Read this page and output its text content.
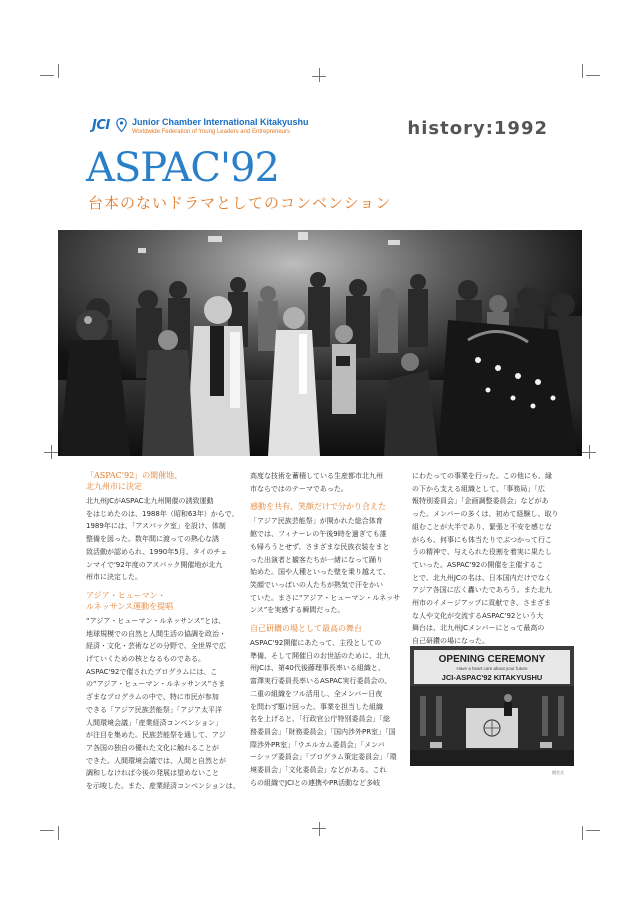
JCI Junior Chamber International Kitakyushu
Worldwide Federation of Young Leaders and Entrepreneurs	history:1992
ASPAC'92
台本のないドラマとしてのコンベンション
「ASPAC'92」の開催地、
北九州市に決定

北九州JCがASPAC北九州開催の誘致運動
をはじめたのは、1988年（昭和63年）からで、
1989年には、「アスパック室」を設け、体制
整備を図った。数年間に渡っての熱心な誘
致活動が認められ、1990年5月、タイのチェ
ンマイで'92年度のアスパック開催地が北九
州市に決定した。

アジア・ヒューマン・
ルネッサンス運動を提唱

“アジア・ヒューマン・ルネッサンス”とは、
地球規模での自然と人間生活の協調を政治・
経済・文化・芸術などの分野で、全世界で広
げていくための核となるものである。
ASPAC'92で催されたプログラムには、こ
の“アジア・ヒューマン・ルネッサンス”さま
ざまなプログラムの中で、特に市民が参加
できる「アジア民族芸能祭」「アジア太平洋
人間環境会議」「産業経済コンベンション」
が注目を集めた。民族芸能祭を通して、アジ
ア各国の独自の優れた文化に触れることが
できた。人間環境会議では、人間と自然とが
調和しなければ今後の発展は望めないこと
を示唆した。また、産業経済コンベンションは、

高度な技術を蓄積している生産都市北九州
市ならではのテーマであった。

感動を共有、笑顔だけで分かり合えた

「アジア民族芸能祭」が開かれた総合体育
館では、フィナーレの午後9時を過ぎても誰
も帰ろうとせず、さまざまな民族衣装をまと
った出演者と観客たちが一緒になって踊り
始めた。国や人種といった壁を乗り越えて、
笑顔でいっぱいの人たちが熱気で汗をかい
ていた。まさに“アジア・ヒューマン・ルネッサ
ンス”を実感する瞬間だった。

自己研鑽の場として最高の舞台

ASPAC'92開催にあたって、主役としての
準備、そして開催日のお世話のために、北九
州JCは、第40代後藤理事長率いる組織と、
富澤実行委員長率いるASPAC実行委員会の、
二重の組織をフル活用し、全メンバー日夜
を問わず駆け回った。事業を担当した組織
名を上げると、「行政官公庁特別委員会」「総
務委員会」「財務委員会」「国内渉外PR室」「国
際渉外PR室」「ウエルカム委員会」「メンバ
ーシップ委員会」「プログラム策定委員会」「環
境委員会」「文化委員会」などがある。これ
らの組織でJCIとの連携やPR活動など多岐

にわたっての事業を行った。この他にも、縁
の下から支える組織として、「事務局」「広
報特別委員会」「企画調整委員会」などがあ
った。メンバーの多くは、初めて経験し、取り
組むことが大半であり、緊張と不安を感じな
がらも、何事にも体当たりでぶつかって行こ
うの精神で、与えられた役割を着実に果たし
ていった。ASPAC'92の開催を主催するこ
とで、北九州JCの名は、日本国内だけでなく
アジア各国に広く轟いたであろう。また北九
州市のイメージアップに貢献でき、さまざま
な人や文化が交流するASPAC'92という大
舞台は、北九州JCメンバーにとって最高の
自己研鑽の場になった。

OPENING CEREMONY
Have a heart care about your future
JCI-ASPAC'92 KITAKYUSHU
開会式
